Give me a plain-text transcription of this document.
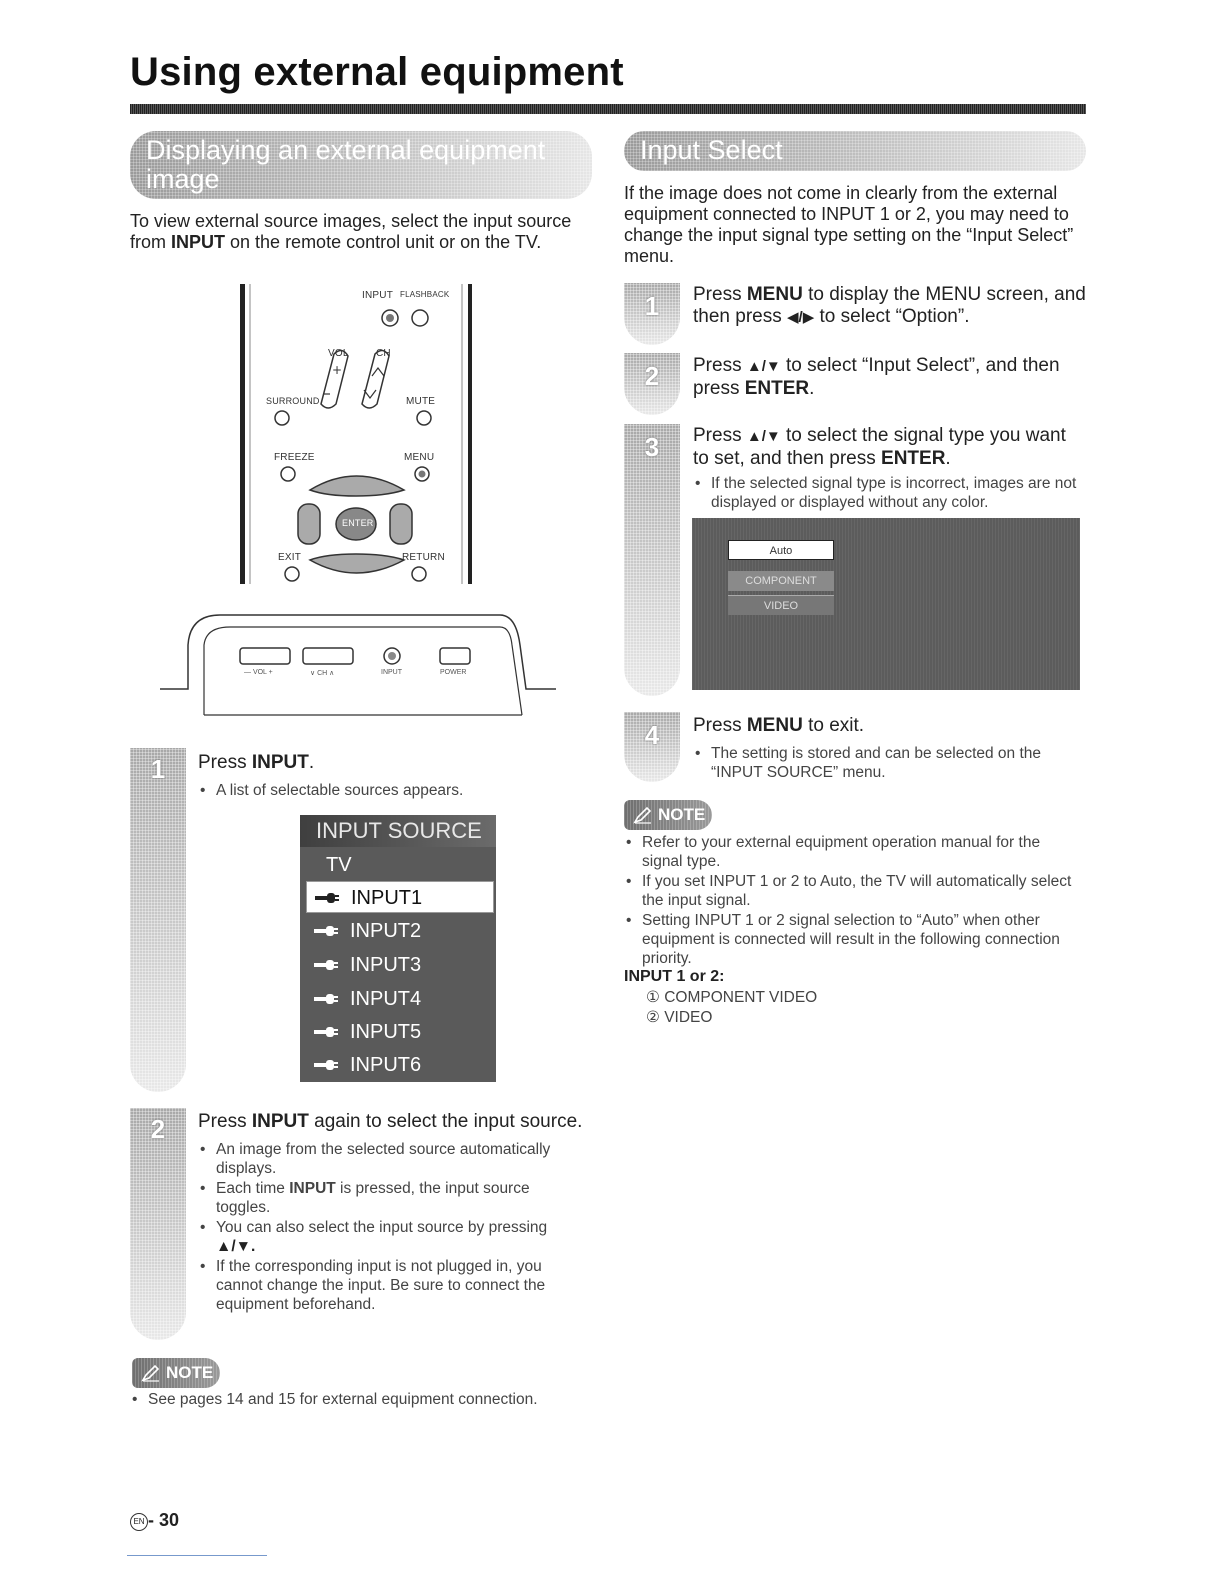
Using external equipment
Displaying an external equipment
image
To view external source images, select the input source from INPUT on the remote control unit or on the TV.
+
INPUT FLASHBACK
VOL	CH
SURROUND	MUTE
FREEZE	MENU
ENTER
EXIT	RETURN
— VOL +	∨ CH ∧	INPUT	POWER
1	Press INPUT.
• A list of selectable sources appears.
INPUT SOURCE
TV
INPUT1
INPUT2
INPUT3
INPUT4
INPUT5
INPUT6
2	Press INPUT again to select the input source.
• An image from the selected source automatically displays.
• Each time INPUT is pressed, the input source toggles.
• You can also select the input source by pressing
▲/▼.
• If the corresponding input is not plugged in, you cannot change the input. Be sure to connect the equipment beforehand.
NOTE
• See pages 14 and 15 for external equipment connection.
Input Select
If the image does not come in clearly from the external equipment connected to INPUT 1 or 2, you may need to change the input signal type setting on the “Input Select” menu.
1	Press MENU to display the MENU screen, and then press ◀/▶ to select “Option”.
2	Press ▲/▼ to select “Input Select”, and then press ENTER.
3	Press ▲/▼ to select the signal type you want to set, and then press ENTER.
• If the selected signal type is incorrect, images are not displayed or displayed without any color.
Auto
COMPONENT
VIDEO
4	Press MENU to exit.
• The setting is stored and can be selected on the “INPUT SOURCE” menu.
NOTE
• Refer to your external equipment operation manual for the signal type.
• If you set INPUT 1 or 2 to Auto, the TV will automatically select the input signal.
• Setting INPUT 1 or 2 signal selection to “Auto” when other equipment is connected will result in the following connection priority.
INPUT 1 or 2:
① COMPONENT VIDEO
② VIDEO
EN - 30
